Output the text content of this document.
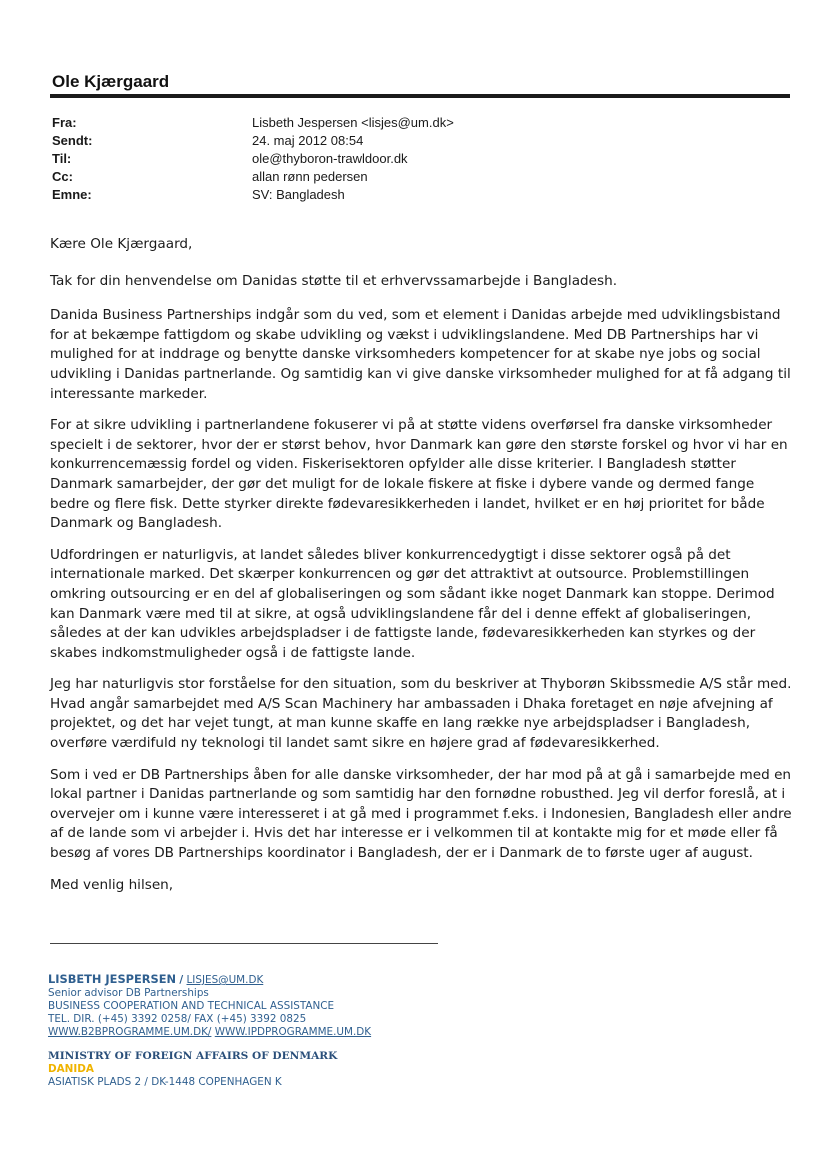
Ole Kjærgaard
Fra:
Sendt:
Til:
Cc:
Emne:
Lisbeth Jespersen <lisjes@um.dk>
24. maj 2012 08:54
ole@thyboron-trawldoor.dk
allan rønn pedersen
SV: Bangladesh

Kære Ole Kjærgaard,

Tak for din henvendelse om Danidas støtte til et erhvervssamarbejde i Bangladesh.

Danida Business Partnerships indgår som du ved, som et element i Danidas arbejde med udviklingsbistand for at bekæmpe fattigdom og skabe udvikling og vækst i udviklingslandene. Med DB Partnerships har vi mulighed for at inddrage og benytte danske virksomheders kompetencer for at skabe nye jobs og social udvikling i Danidas partnerlande. Og samtidig kan vi give danske virksomheder mulighed for at få adgang til interessante markeder.

For at sikre udvikling i partnerlandene fokuserer vi på at støtte videns overførsel fra danske virksomheder specielt i de sektorer, hvor der er størst behov, hvor Danmark kan gøre den største forskel og hvor vi har en konkurrencemæssig fordel og viden. Fiskerisektoren opfylder alle disse kriterier. I Bangladesh støtter Danmark samarbejder, der gør det muligt for de lokale fiskere at fiske i dybere vande og dermed fange bedre og flere fisk. Dette styrker direkte fødevaresikkerheden i landet, hvilket er en høj prioritet for både Danmark og Bangladesh.

Udfordringen er naturligvis, at landet således bliver konkurrencedygtigt i disse sektorer også på det internationale marked. Det skærper konkurrencen og gør det attraktivt at outsource. Problemstillingen omkring outsourcing er en del af globaliseringen og som sådant ikke noget Danmark kan stoppe. Derimod kan Danmark være med til at sikre, at også udviklingslandene får del i denne effekt af globaliseringen, således at der kan udvikles arbejdspladser i de fattigste lande, fødevaresikkerheden kan styrkes og der skabes indkomstmuligheder også i de fattigste lande.

Jeg har naturligvis stor forståelse for den situation, som du beskriver at Thyborøn Skibssmedie A/S står med. Hvad angår samarbejdet med A/S Scan Machinery har ambassaden i Dhaka foretaget en nøje afvejning af projektet, og det har vejet tungt, at man kunne skaffe en lang række nye arbejdspladser i Bangladesh, overføre værdifuld ny teknologi til landet samt sikre en højere grad af fødevaresikkerhed.

Som i ved er DB Partnerships åben for alle danske virksomheder, der har mod på at gå i samarbejde med en lokal partner i Danidas partnerlande og som samtidig har den fornødne robusthed. Jeg vil derfor foreslå, at i overvejer om i kunne være interesseret i at gå med i programmet f.eks. i Indonesien, Bangladesh eller andre af de lande som vi arbejder i. Hvis det har interesse er i velkommen til at kontakte mig for et møde eller få besøg af vores DB Partnerships koordinator i Bangladesh, der er i Danmark de to første uger af august.

Med venlig hilsen,

LISBETH JESPERSEN / LISJES@UM.DK
Senior advisor DB Partnerships
BUSINESS COOPERATION AND TECHNICAL ASSISTANCE
TEL. DIR. (+45) 3392 0258/ FAX (+45) 3392 0825
WWW.B2BPROGRAMME.UM.DK/ WWW.IPDPROGRAMME.UM.DK
MINISTRY OF FOREIGN AFFAIRS OF DENMARK
DANIDA
ASIATISK PLADS 2 / DK-1448 COPENHAGEN K
